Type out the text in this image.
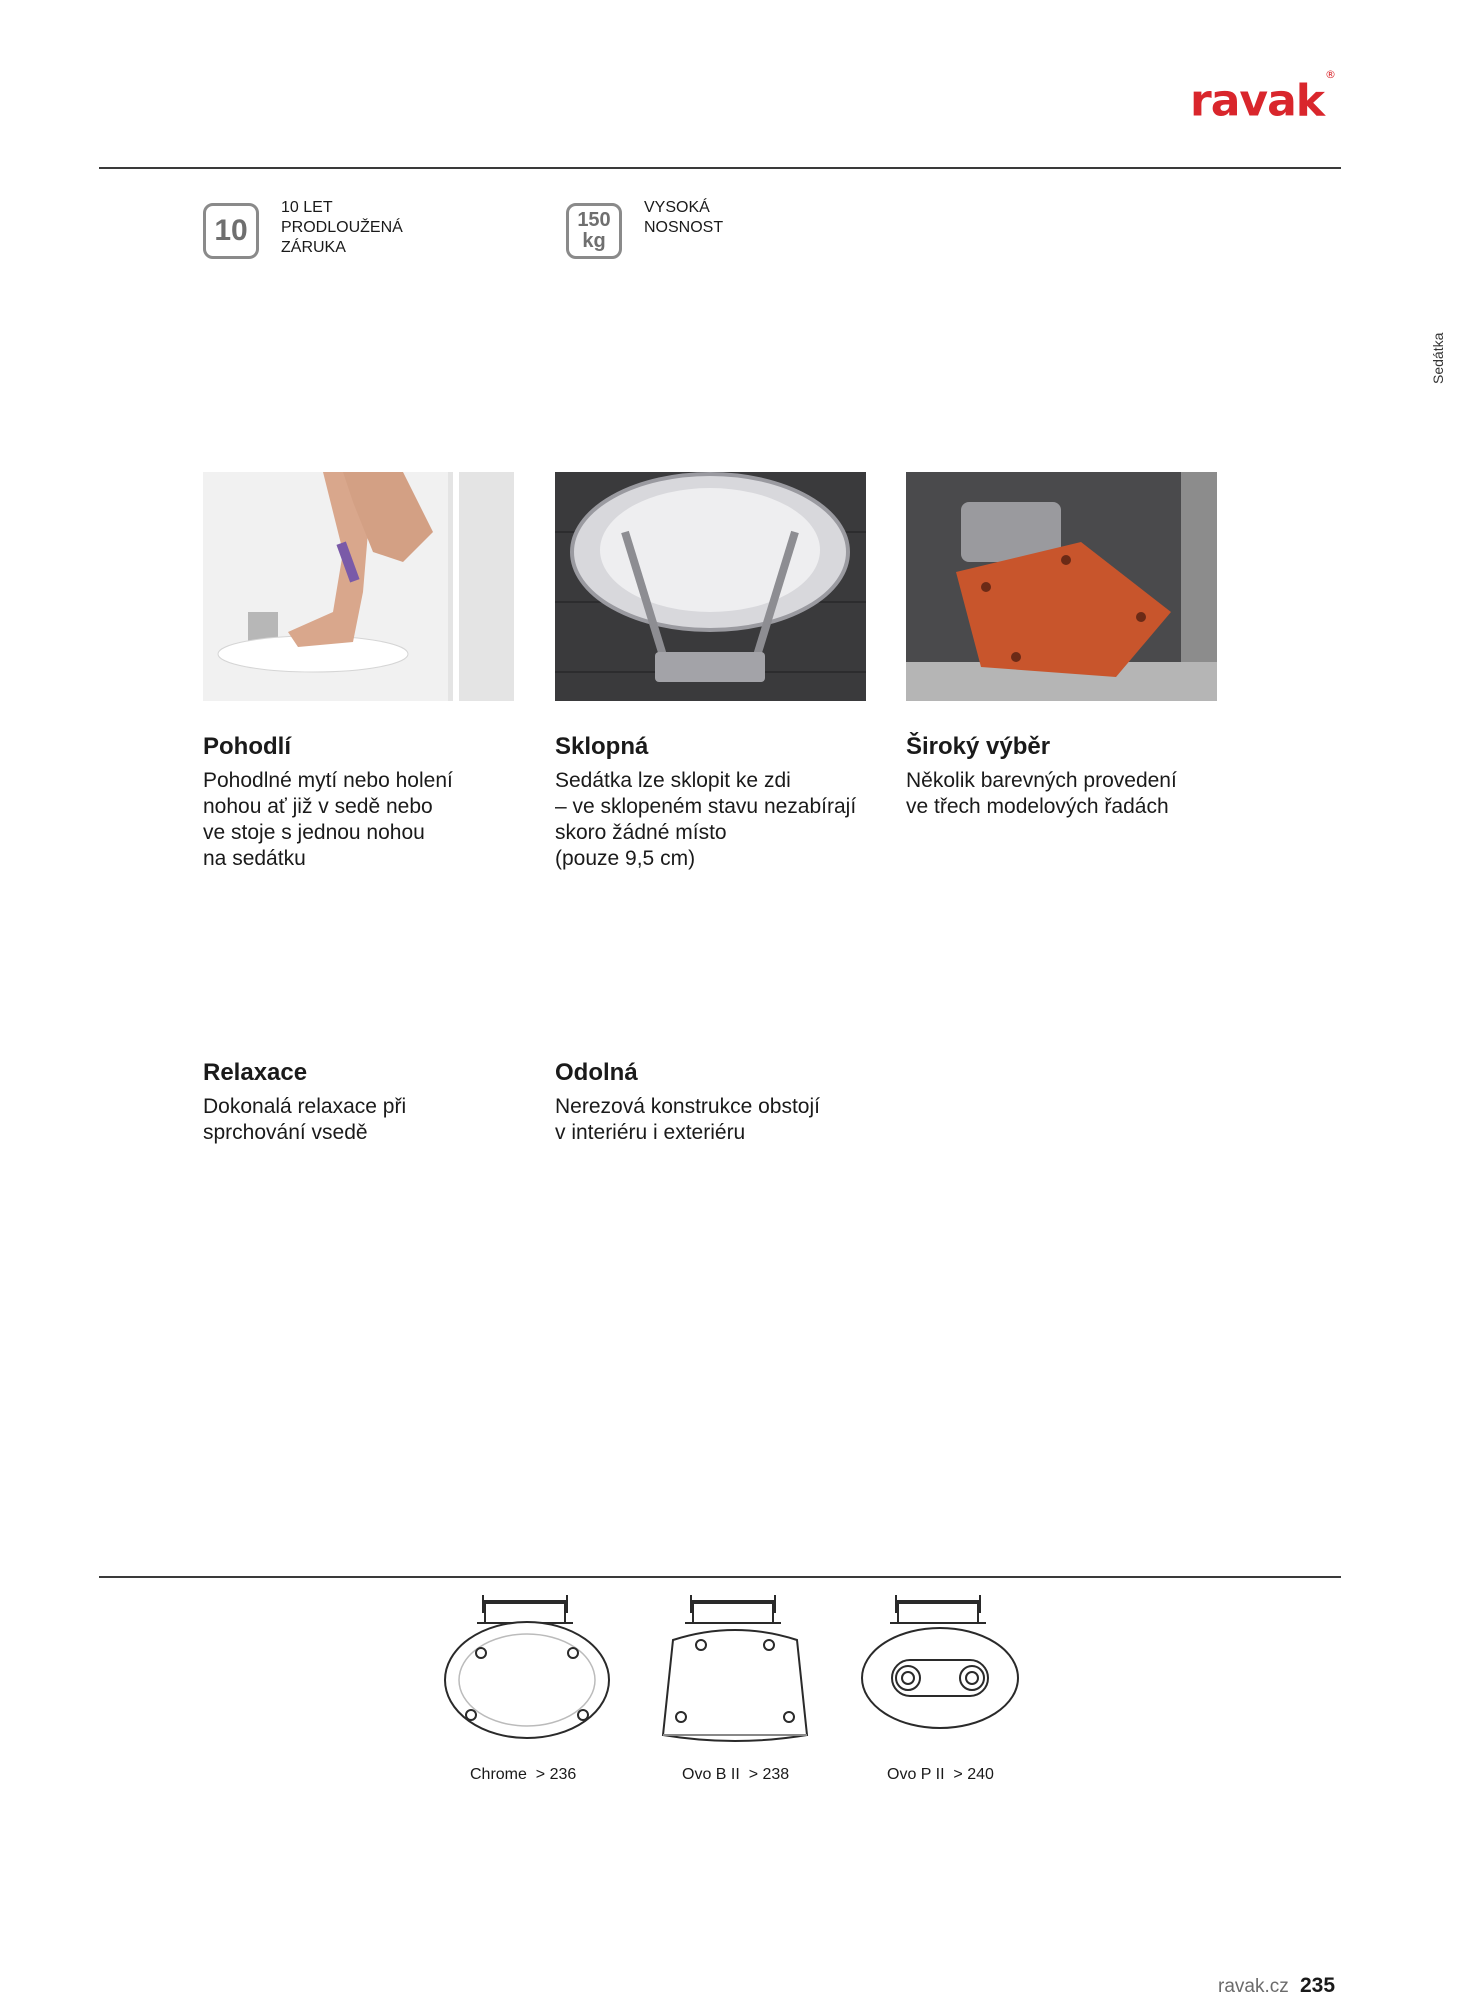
ravak®
10
10 LET
PRODLOUŽENÁ
ZÁRUKA
150
kg
VYSOKÁ
NOSNOST
Sedátka
Pohodlí
Pohodlné mytí nebo holení
nohou ať již v sedě nebo
ve stoje s jednou nohou
na sedátku
Sklopná
Sedátka lze sklopit ke zdi
– ve sklopeném stavu nezabírají
skoro žádné místo
(pouze 9,5 cm)
Široký výběr
Několik barevných provedení
ve třech modelových řadách
Relaxace
Dokonalá relaxace při
sprchování vsedě
Odolná
Nerezová konstrukce obstojí
v interiéru i exteriéru
Chrome > 236	Ovo B II > 238	Ovo P II > 240
ravak.cz 235
